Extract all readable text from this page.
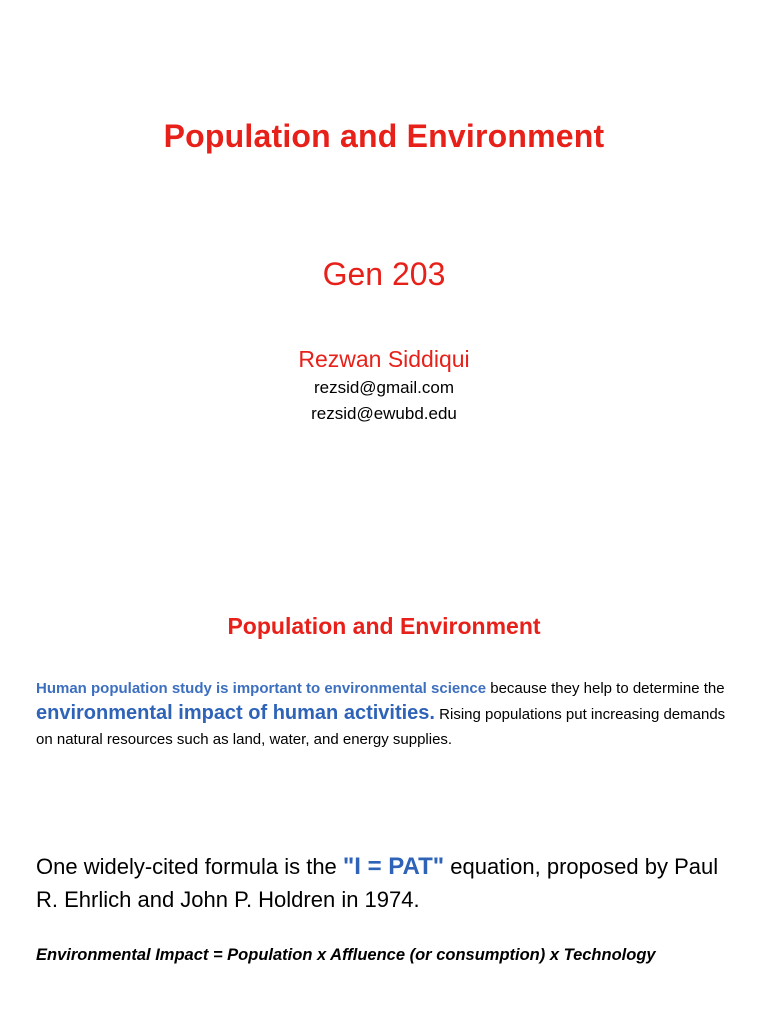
Population and Environment
Gen 203
Rezwan Siddiqui
rezsid@gmail.com
rezsid@ewubd.edu
Population and Environment
Human population study is important to environmental science because they help to determine the environmental impact of human activities. Rising populations put increasing demands on natural resources such as land, water, and energy supplies.
One widely-cited formula is the "I = PAT" equation, proposed by Paul R. Ehrlich and John P. Holdren in 1974.
Environmental Impact = Population x Affluence (or consumption) x Technology
